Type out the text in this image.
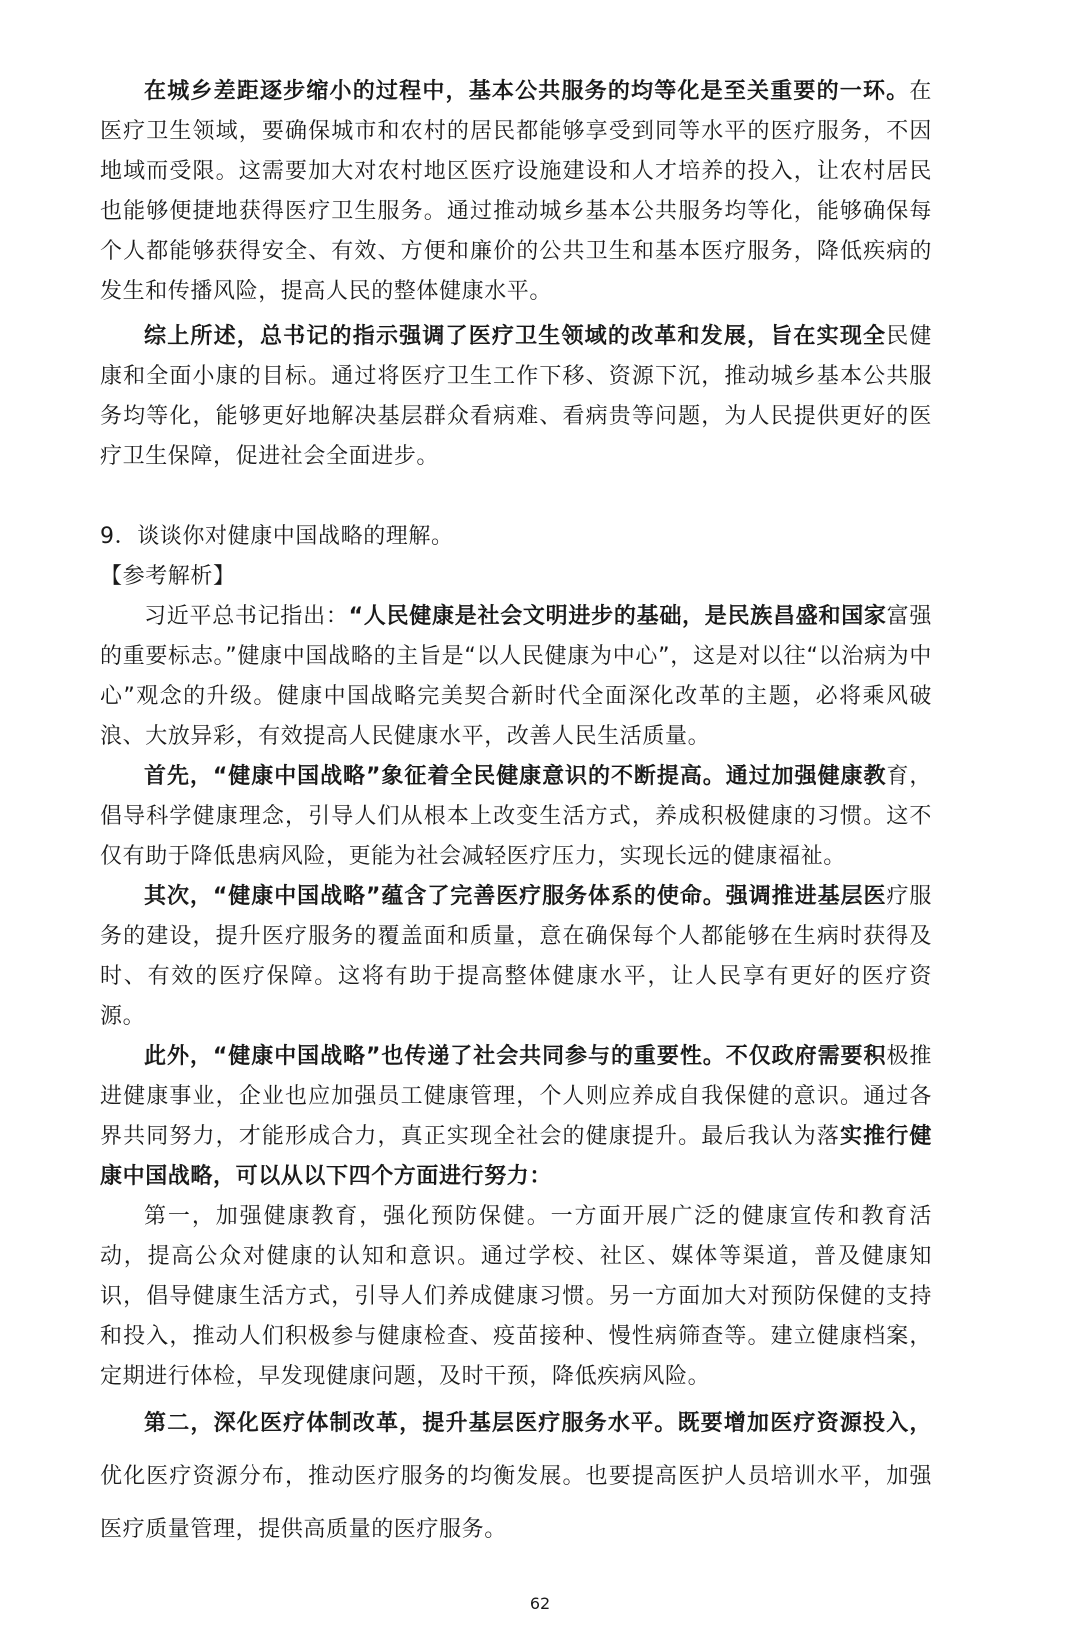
在城乡差距逐步缩小的过程中，基本公共服务的均等化是至关重要的一环。在医疗卫生领域，要确保城市和农村的居民都能够享受到同等水平的医疗服务，不因地域而受限。这需要加大对农村地区医疗设施建设和人才培养的投入，让农村居民也能够便捷地获得医疗卫生服务。通过推动城乡基本公共服务均等化，能够确保每个人都能够获得安全、有效、方便和廉价的公共卫生和基本医疗服务，降低疾病的发生和传播风险，提高人民的整体健康水平。

综上所述，总书记的指示强调了医疗卫生领域的改革和发展，旨在实现全民健康和全面小康的目标。通过将医疗卫生工作下移、资源下沉，推动城乡基本公共服务均等化，能够更好地解决基层群众看病难、看病贵等问题，为人民提供更好的医疗卫生保障，促进社会全面进步。

9．谈谈你对健康中国战略的理解。

【参考解析】

习近平总书记指出：“人民健康是社会文明进步的基础，是民族昌盛和国家富强的重要标志。”健康中国战略的主旨是“以人民健康为中心”，这是对以往“以治病为中心”观念的升级。健康中国战略完美契合新时代全面深化改革的主题，必将乘风破浪、大放异彩，有效提高人民健康水平，改善人民生活质量。

首先，“健康中国战略”象征着全民健康意识的不断提高。通过加强健康教育，倡导科学健康理念，引导人们从根本上改变生活方式，养成积极健康的习惯。这不仅有助于降低患病风险，更能为社会减轻医疗压力，实现长远的健康福祉。

其次，“健康中国战略”蕴含了完善医疗服务体系的使命。强调推进基层医疗服务的建设，提升医疗服务的覆盖面和质量，意在确保每个人都能够在生病时获得及时、有效的医疗保障。这将有助于提高整体健康水平，让人民享有更好的医疗资源。

此外，“健康中国战略”也传递了社会共同参与的重要性。不仅政府需要积极推进健康事业，企业也应加强员工健康管理，个人则应养成自我保健的意识。通过各界共同努力，才能形成合力，真正实现全社会的健康提升。最后我认为落实推行健康中国战略，可以从以下四个方面进行努力：

第一，加强健康教育，强化预防保健。一方面开展广泛的健康宣传和教育活动，提高公众对健康的认知和意识。通过学校、社区、媒体等渠道，普及健康知识，倡导健康生活方式，引导人们养成健康习惯。另一方面加大对预防保健的支持和投入，推动人们积极参与健康检查、疫苗接种、慢性病筛查等。建立健康档案，定期进行体检，早发现健康问题，及时干预，降低疾病风险。

第二，深化医疗体制改革，提升基层医疗服务水平。既要增加医疗资源投入，优化医疗资源分布，推动医疗服务的均衡发展。也要提高医护人员培训水平，加强医疗质量管理，提供高质量的医疗服务。

62
